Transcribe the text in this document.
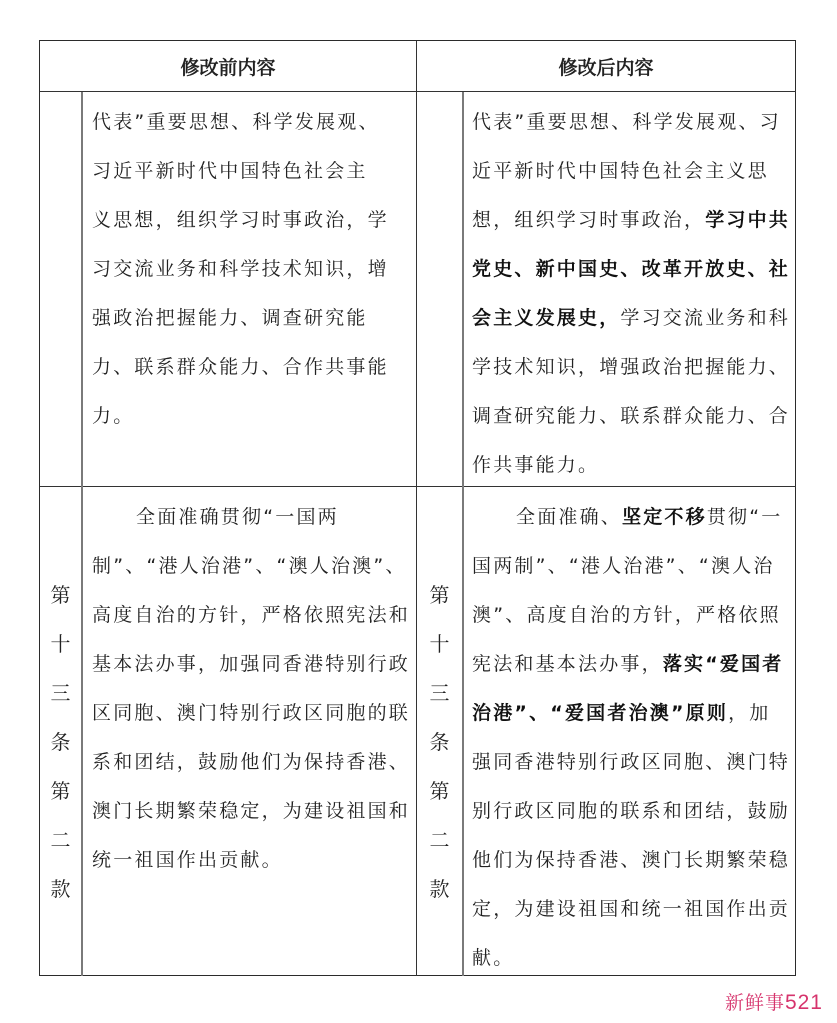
修改前内容	修改后内容
代表”重要思想、科学发展观、
习近平新时代中国特色社会主
义思想，组织学习时事政治，学
习交流业务和科学技术知识，增
强政治把握能力、调查研究能
力、联系群众能力、合作共事能
力。
代表”重要思想、科学发展观、习近平新时代中国特色社会主义思想，组织学习时事政治，学习中共党史、新中国史、改革开放史、社会主义发展史，学习交流业务和科学技术知识，增强政治把握能力、调查研究能力、联系群众能力、合作共事能力。
第
十
三
条
第
二
款
第
十
三
条
第
二
款
全面准确贯彻“一国两制”、“港人治港”、“澳人治澳”、高度自治的方针，严格依照宪法和基本法办事，加强同香港特别行政区同胞、澳门特别行政区同胞的联系和团结，鼓励他们为保持香港、澳门长期繁荣稳定，为建设祖国和统一祖国作出贡献。
全面准确、坚定不移贯彻“一国两制”、“港人治港”、“澳人治澳”、高度自治的方针，严格依照宪法和基本法办事，落实“爱国者治港”、“爱国者治澳”原则，加强同香港特别行政区同胞、澳门特别行政区同胞的联系和团结，鼓励他们为保持香港、澳门长期繁荣稳定，为建设祖国和统一祖国作出贡献。
新鲜事521
